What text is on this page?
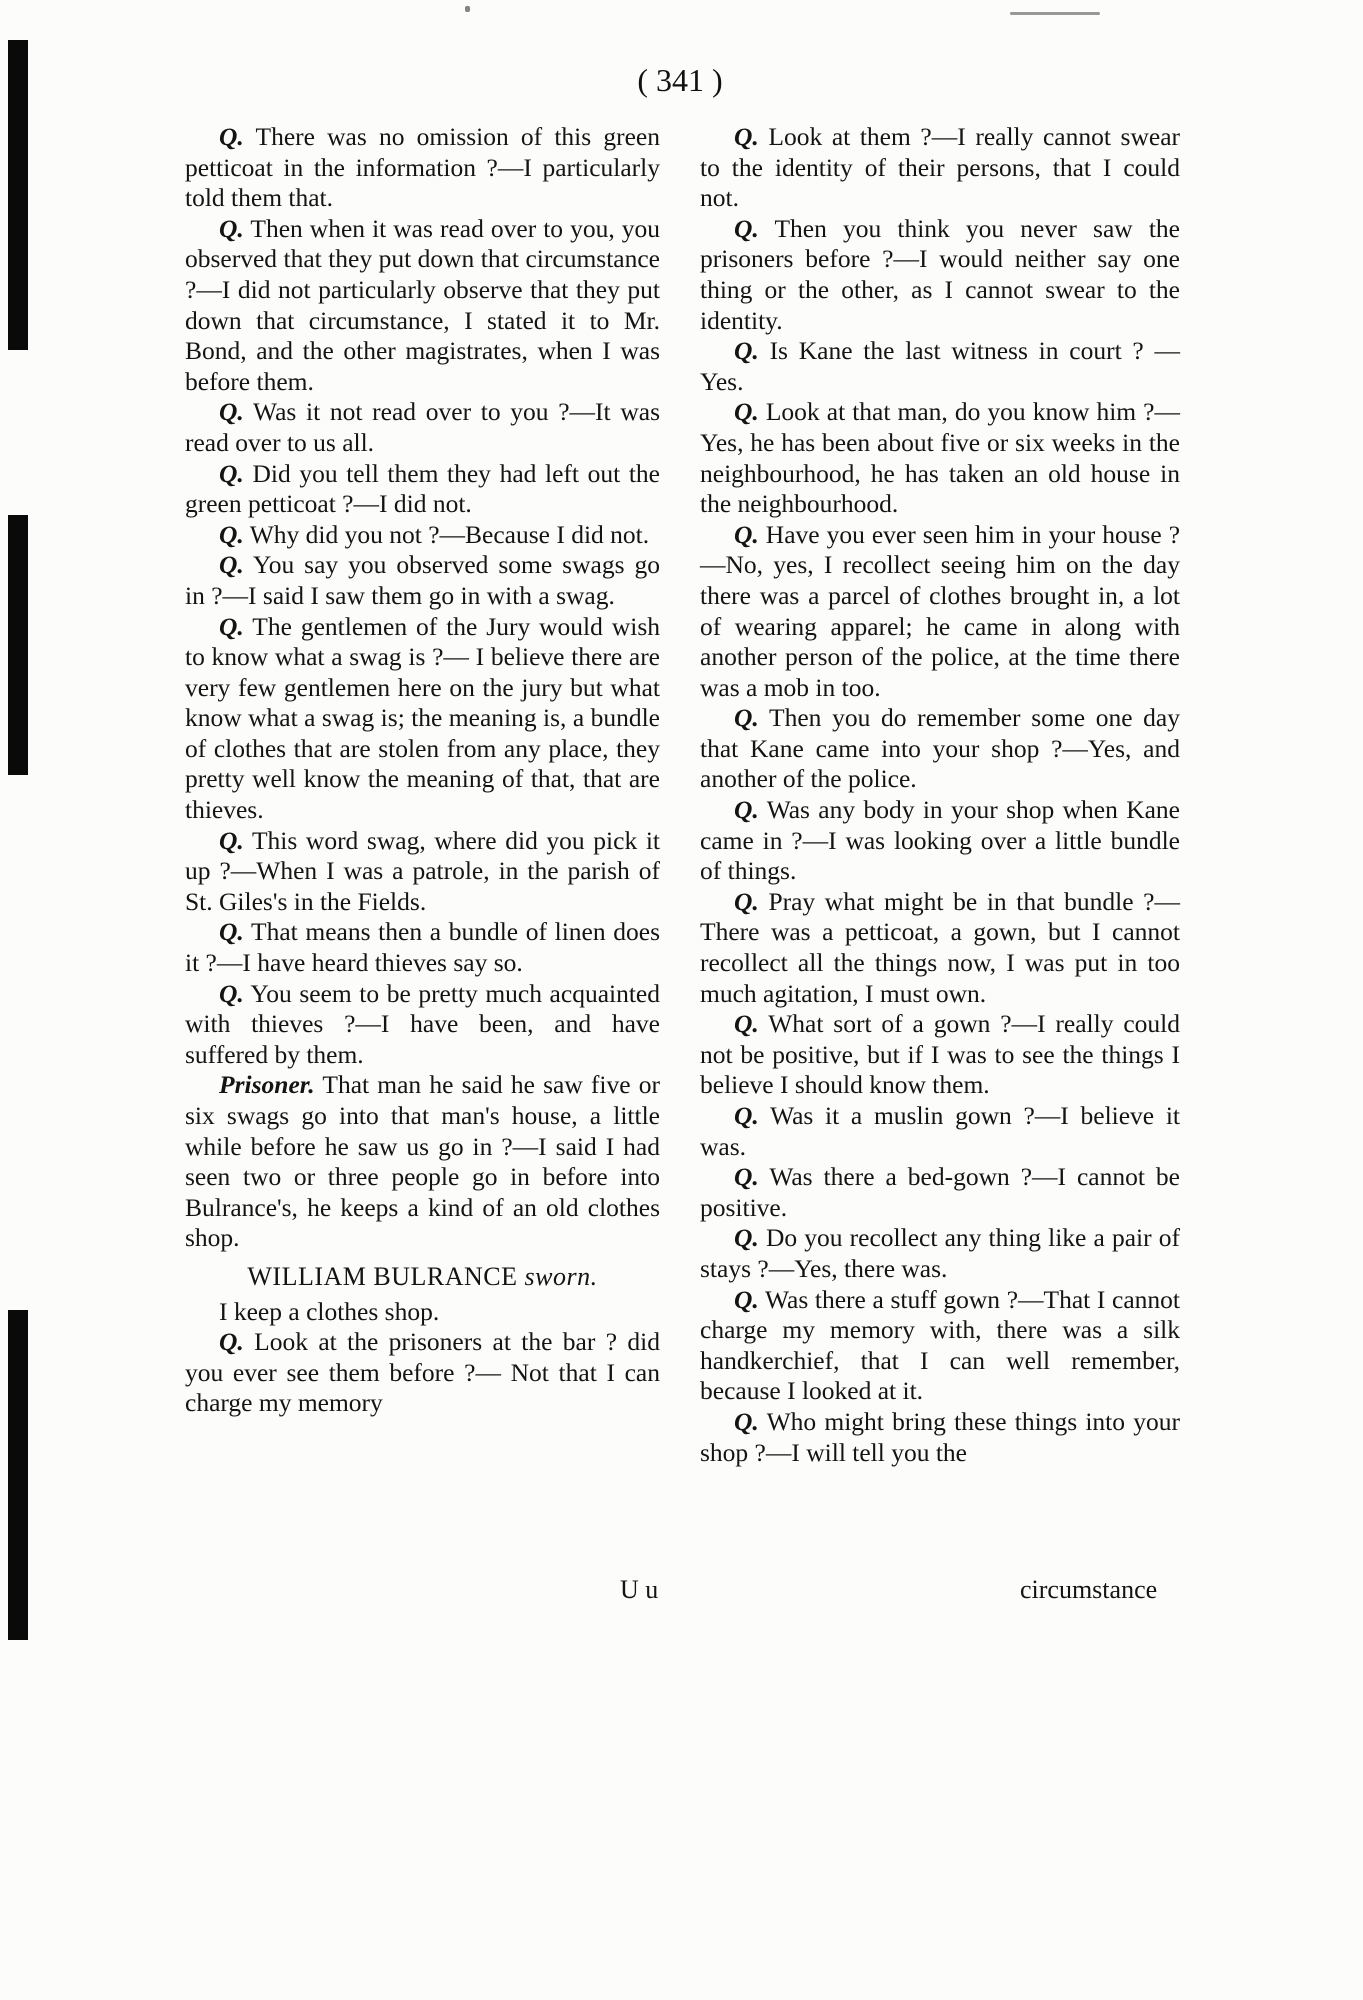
( 341 )

Q. There was no omission of this green petticoat in the information ?—I particularly told them that.

Q. Then when it was read over to you, you observed that they put down that circumstance ?—I did not particularly observe that they put down that circumstance, I stated it to Mr. Bond, and the other magistrates, when I was before them.

Q. Was it not read over to you ?—It was read over to us all.

Q. Did you tell them they had left out the green petticoat ?—I did not.

Q. Why did you not ?—Because I did not.

Q. You say you observed some swags go in ?—I said I saw them go in with a swag.

Q. The gentlemen of the Jury would wish to know what a swag is ?— I believe there are very few gentlemen here on the jury but what know what a swag is; the meaning is, a bundle of clothes that are stolen from any place, they pretty well know the meaning of that, that are thieves.

Q. This word swag, where did you pick it up ?—When I was a patrole, in the parish of St. Giles's in the Fields.

Q. That means then a bundle of linen does it ?—I have heard thieves say so.

Q. You seem to be pretty much acquainted with thieves ?—I have been, and have suffered by them.

Prisoner. That man he said he saw five or six swags go into that man's house, a little while before he saw us go in ?—I said I had seen two or three people go in before into Bulrance's, he keeps a kind of an old clothes shop.

WILLIAM BULRANCE sworn.

I keep a clothes shop.

Q. Look at the prisoners at the bar ? did you ever see them before ?— Not that I can charge my memory

U u

Q. Look at them ?—I really cannot swear to the identity of their persons, that I could not.

Q. Then you think you never saw the prisoners before ?—I would neither say one thing or the other, as I cannot swear to the identity.

Q. Is Kane the last witness in court ? —Yes.

Q. Look at that man, do you know him ?—Yes, he has been about five or six weeks in the neighbourhood, he has taken an old house in the neighbourhood.

Q. Have you ever seen him in your house ?—No, yes, I recollect seeing him on the day there was a parcel of clothes brought in, a lot of wearing apparel; he came in along with another person of the police, at the time there was a mob in too.

Q. Then you do remember some one day that Kane came into your shop ?—Yes, and another of the police.

Q. Was any body in your shop when Kane came in ?—I was looking over a little bundle of things.

Q. Pray what might be in that bundle ?—There was a petticoat, a gown, but I cannot recollect all the things now, I was put in too much agitation, I must own.

Q. What sort of a gown ?—I really could not be positive, but if I was to see the things I believe I should know them.

Q. Was it a muslin gown ?—I believe it was.

Q. Was there a bed-gown ?—I cannot be positive.

Q. Do you recollect any thing like a pair of stays ?—Yes, there was.

Q. Was there a stuff gown ?—That I cannot charge my memory with, there was a silk handkerchief, that I can well remember, because I looked at it.

Q. Who might bring these things into your shop ?—I will tell you the

circumstance
